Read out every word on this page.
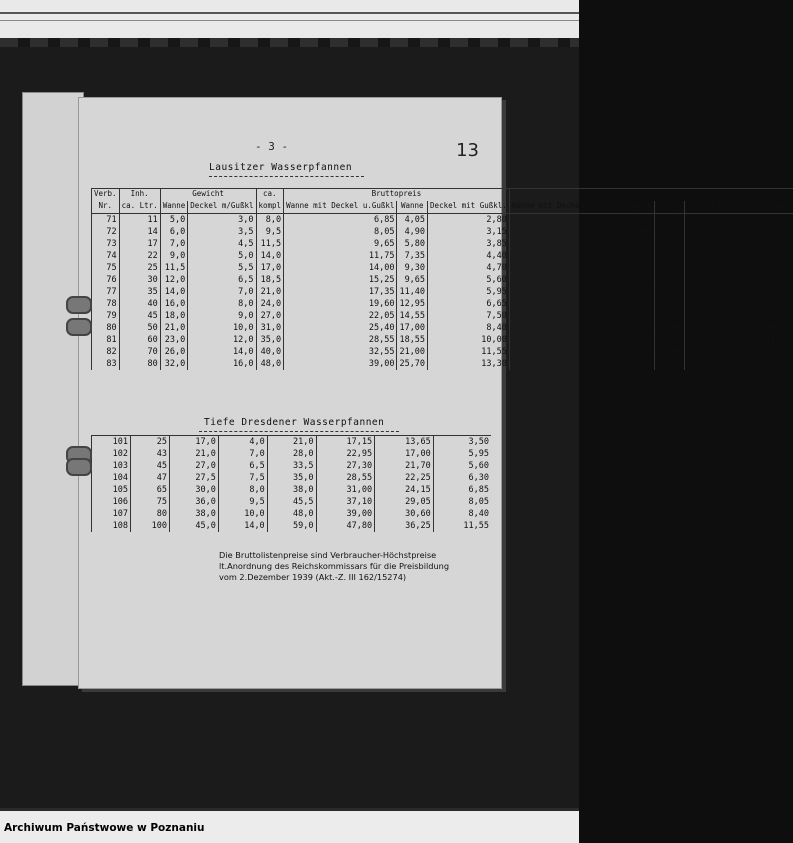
- 3 -	13
Lausitzer Wasserpfannen
Verb.	Inh.	Gewicht		ca.	Bruttopreis			Bruttopreis		
Nr.	ca. Ltr.	Wanne	Deckel m/Gußkl	kompl	Wanne mit Deckel u.Gußkl	Wanne	Deckel mit Gußkl.	Wanne mit Deckel u/Blech-klappe	Wanne	Deckel mit Blech-klappe
71	11	5,0	3,0	8,0	6,85	4,05	2,80	7,65	4,05	3,60
72	14	6,0	3,5	9,5	8,05	4,90	3,15	9,00	4,90	4,10
73	17	7,0	4,5	11,5	9,65	5,80	3,85	10,80	5,80	5,00
74	22	9,0	5,0	14,0	11,75	7,35	4,40	12,80	7,35	5,45
75	25	11,5	5,5	17,0	14,00	9,30	4,70	15,15	9,30	5,85
76	30	12,0	6,5	18,5	15,25	9,65	5,60	16,65	9,65	7,00
77	35	14,0	7,0	21,0	17,35	11,40	5,95	18,80	11,40	7,40
78	40	16,0	8,0	24,0	19,60	12,95	6,65	21,25	12,95	8,30
79	45	18,0	9,0	27,0	22,05	14,55	7,50	23,55	14,55	9,00
80	50	21,0	10,0	31,0	25,40	17,00	8,40	27,05	17,00	10,05
81	60	23,0	12,0	35,0	28,55	18,55	10,00	30,50	18,55	11,95
82	70	26,0	14,0	40,0	32,55	21,00	11,55	34,25	21,00	13,25
83	80	32,0	16,0	48,0	39,00	25,70	13,30	41,00	25,75	15,25
Tiefe Dresdener Wasserpfannen
101	25	17,0	4,0	21,0	17,15	13,65	3,50
102	43	21,0	7,0	28,0	22,95	17,00	5,95
103	45	27,0	6,5	33,5	27,30	21,70	5,60
104	47	27,5	7,5	35,0	28,55	22,25	6,30
105	65	30,0	8,0	38,0	31,00	24,15	6,85
106	75	36,0	9,5	45,5	37,10	29,05	8,05
107	80	38,0	10,0	48,0	39,00	30,60	8,40
108	100	45,0	14,0	59,0	47,80	36,25	11,55
Die Bruttolistenpreise sind Verbraucher-Höchstpreise
lt.Anordnung des Reichskommissars für die Preisbildung
vom 2.Dezember 1939 (Akt.-Z. III 162/15274)
Archiwum Państwowe w Poznaniu
